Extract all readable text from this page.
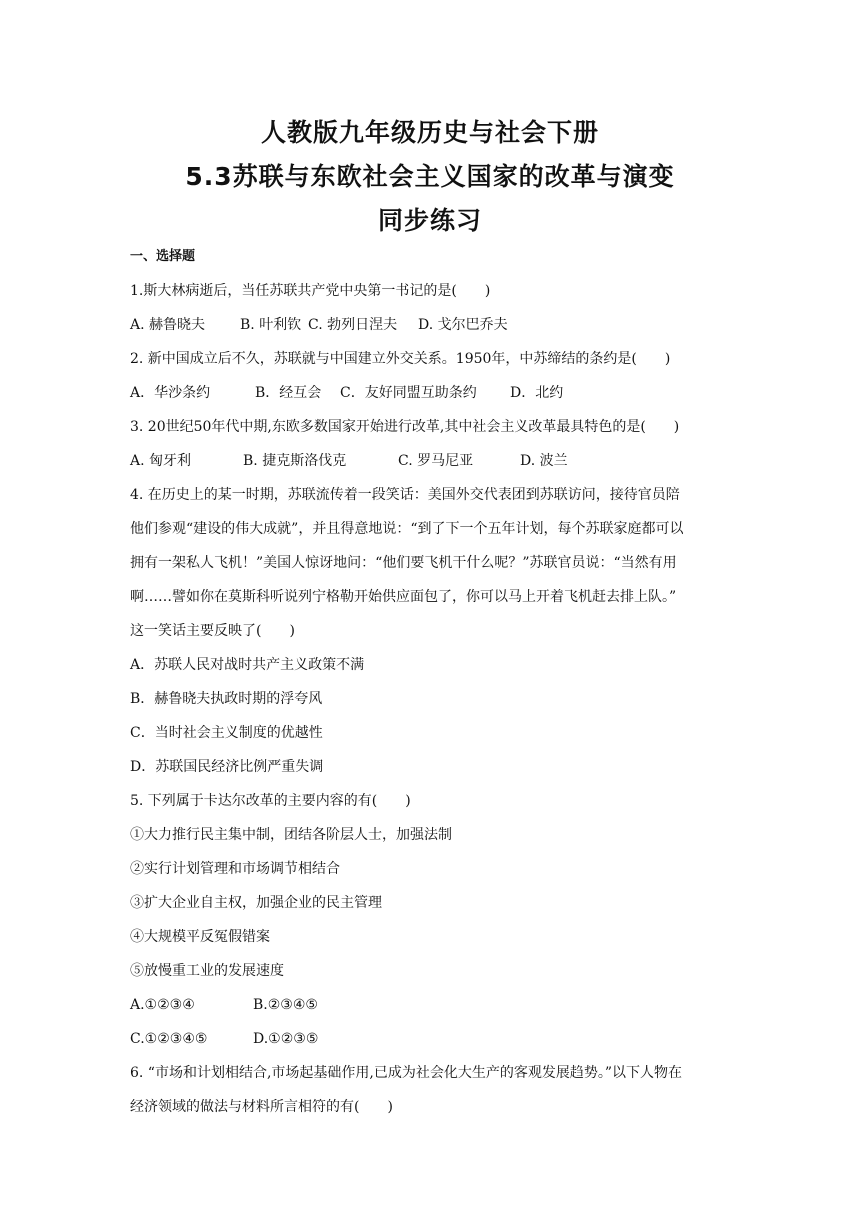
人教版九年级历史与社会下册
5.3苏联与东欧社会主义国家的改革与演变
同步练习
一、选择题
1.斯大林病逝后，当任苏联共产党中央第一书记的是(　　)
A. 赫鲁晓夫 B. 叶利钦 C. 勃列日涅夫 D. 戈尔巴乔夫
2. 新中国成立后不久，苏联就与中国建立外交关系。1950年，中苏缔结的条约是(　　)
A．华沙条约	B．经互会 C．友好同盟互助条约 D．北约
3. 20世纪50年代中期,东欧多数国家开始进行改革,其中社会主义改革最具特色的是(　　)
A. 匈牙利	B. 捷克斯洛伐克	C. 罗马尼亚	D. 波兰
4. 在历史上的某一时期，苏联流传着一段笑话：美国外交代表团到苏联访问，接待官员陪
他们参观“建设的伟大成就”，并且得意地说：“到了下一个五年计划，每个苏联家庭都可以
拥有一架私人飞机！”美国人惊讶地问：“他们要飞机干什么呢？”苏联官员说：“当然有用
啊……譬如你在莫斯科听说列宁格勒开始供应面包了，你可以马上开着飞机赶去排上队。”
这一笑话主要反映了(　　)
A．苏联人民对战时共产主义政策不满
B．赫鲁晓夫执政时期的浮夸风
C．当时社会主义制度的优越性
D．苏联国民经济比例严重失调
5. 下列属于卡达尔改革的主要内容的有(　　)
①大力推行民主集中制，团结各阶层人士，加强法制
②实行计划管理和市场调节相结合
③扩大企业自主权，加强企业的民主管理
④大规模平反冤假错案
⑤放慢重工业的发展速度
A.①②③④	B.②③④⑤
C.①②③④⑤	D.①②③⑤
6. “市场和计划相结合,市场起基础作用,已成为社会化大生产的客观发展趋势。”以下人物在
经济领域的做法与材料所言相符的有(　　)
